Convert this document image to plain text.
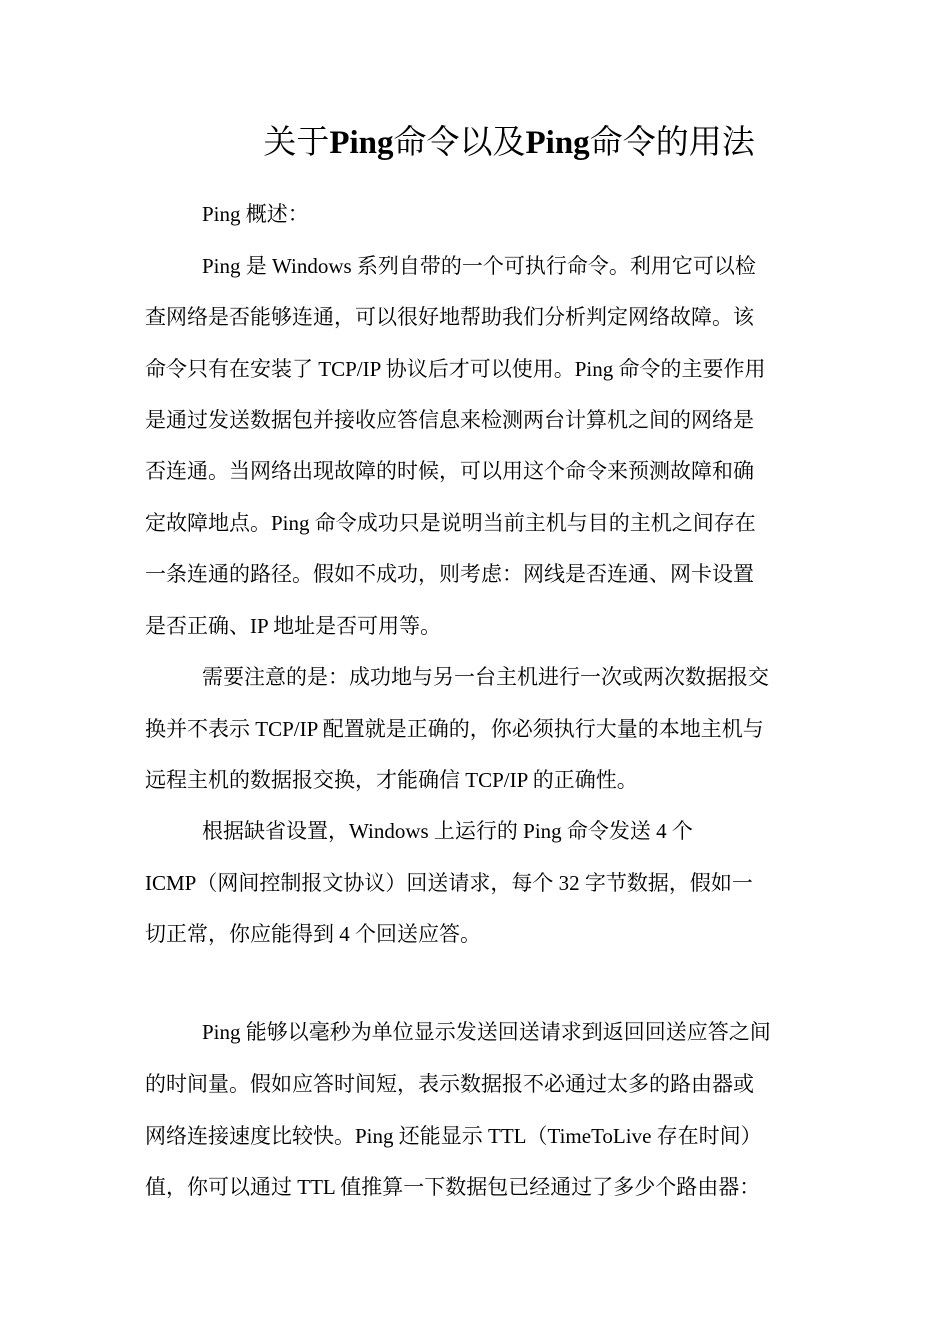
关于Ping命令以及Ping命令的用法

Ping 概述：

Ping 是 Windows 系列自带的一个可执行命令。利用它可以检

查网络是否能够连通，可以很好地帮助我们分析判定网络故障。该

命令只有在安装了 TCP/IP 协议后才可以使用。Ping 命令的主要作用

是通过发送数据包并接收应答信息来检测两台计算机之间的网络是

否连通。当网络出现故障的时候，可以用这个命令来预测故障和确

定故障地点。Ping 命令成功只是说明当前主机与目的主机之间存在

一条连通的路径。假如不成功，则考虑：网线是否连通、网卡设置

是否正确、IP 地址是否可用等。

需要注意的是：成功地与另一台主机进行一次或两次数据报交

换并不表示 TCP/IP 配置就是正确的，你必须执行大量的本地主机与

远程主机的数据报交换，才能确信 TCP/IP 的正确性。

根据缺省设置，Windows 上运行的 Ping 命令发送 4 个

ICMP（网间控制报文协议）回送请求，每个 32 字节数据，假如一

切正常，你应能得到 4 个回送应答。

Ping 能够以毫秒为单位显示发送回送请求到返回回送应答之间

的时间量。假如应答时间短，表示数据报不必通过太多的路由器或

网络连接速度比较快。Ping 还能显示 TTL（TimeToLive 存在时间）

值，你可以通过 TTL 值推算一下数据包已经通过了多少个路由器：
